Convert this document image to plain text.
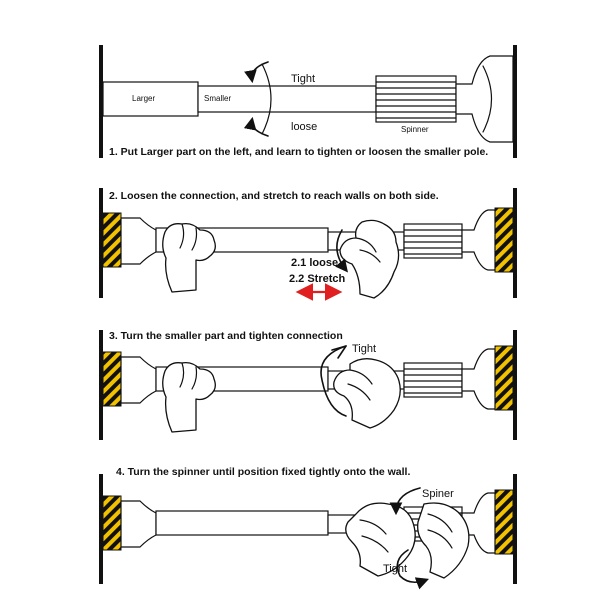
Larger	Smaller
Tight
loose	Spinner
1. Put Larger part on the left, and learn to tighten or loosen the smaller pole.
2.1 loose
2.2 Stretch
2. Loosen the connection, and stretch to reach walls on both side.
Tight
3. Turn the smaller part and tighten connection
Spiner
Tight
4. Turn the spinner until position fixed tightly onto the wall.
